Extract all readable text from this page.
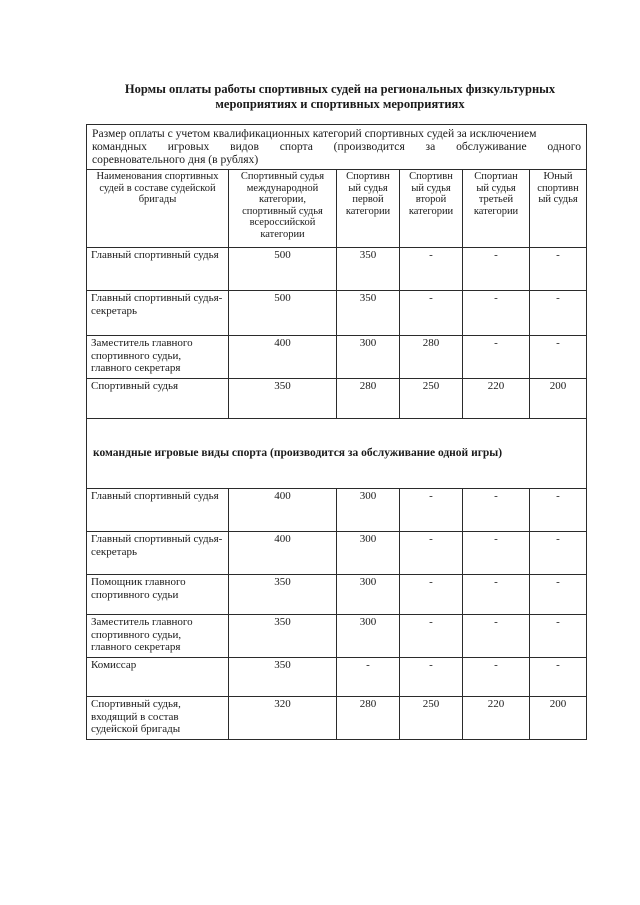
Нормы оплаты работы спортивных судей на региональных физкультурных
мероприятиях и спортивных мероприятиях
Размер оплаты с учетом квалификационных категорий спортивных судей за исключением
командных игровых видов спорта (производится за обслуживание одного
соревновательного дня (в рублях)					

Наименования спортивных судей в составе судейской бригады	Спортивный судья международной категории, спортивный судья всероссийской категории	Спортивн ый судья первой категории	Спортивн ый судья второй категории	Спортиан ый судья третьей категории	Юный спортивн ый судья
Главный спортивный судья	500	350	-	-	-
Главный спортивный судья-секретарь	500	350	-	-	-
Заместитель главного спортивного судьи, главного секретаря	400	300	280	-	-
Спортивный судья	350	280	250	220	200
командные игровые виды спорта (производится за обслуживание одной игры)					
Главный спортивный судья	400	300	-	-	-
Главный спортивный судья-секретарь	400	300	-	-	-
Помощник главного спортивного судьи	350	300	-	-	-
Заместитель главного спортивного судьи, главного секретаря	350	300	-	-	-
Комиссар	350	-	-	-	-
Спортивный судья, входящий в состав судейской бригады	320	280	250	220	200
